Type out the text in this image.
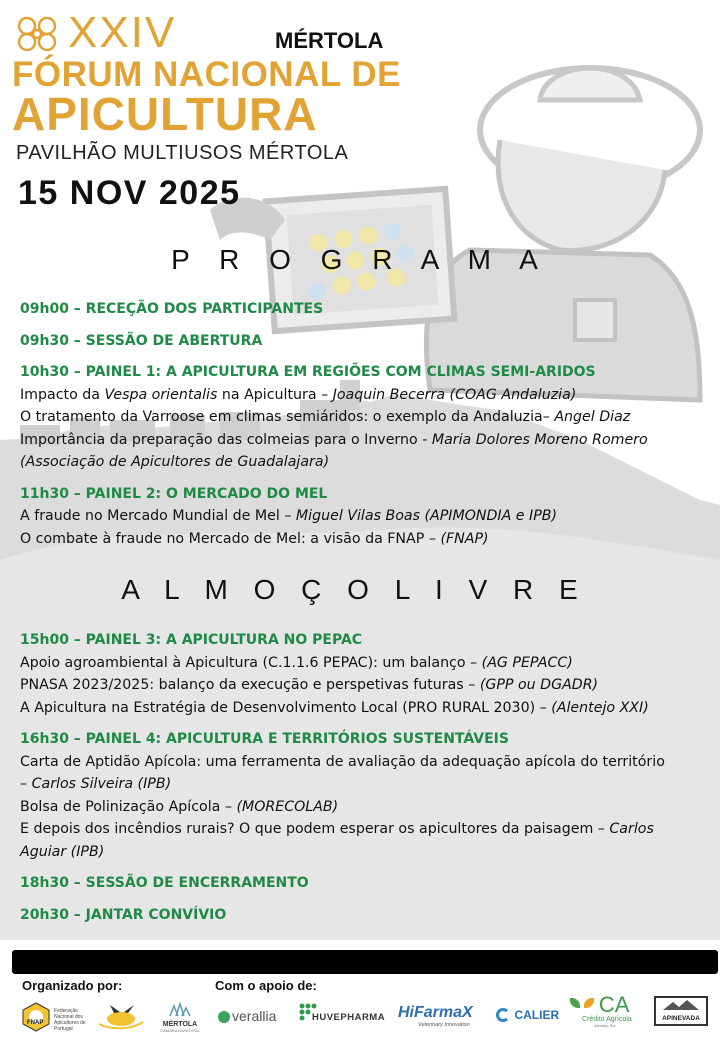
XXIV	MÉRTOLA
FÓRUM NACIONAL DE
APICULTURA
PAVILHÃO MULTIUSOS MÉRTOLA
15 NOV 2025
P R O G R A M A
09h00 – RECEÇÃO DOS PARTICIPANTES
09h30 – SESSÃO DE ABERTURA
10h30 – PAINEL 1: A APICULTURA EM REGIÕES COM CLIMAS SEMI-ARIDOS
Impacto da Vespa orientalis na Apicultura – Joaquin Becerra (COAG Andaluzia)
O tratamento da Varroose em climas semiáridos: o exemplo da Andaluzia– Angel Diaz
Importância da preparação das colmeias para o Inverno - Maria Dolores Moreno Romero
(Associação de Apicultores de Guadalajara)
11h30 – PAINEL 2: O MERCADO DO MEL
A fraude no Mercado Mundial de Mel – Miguel Vilas Boas (APIMONDIA e IPB)
O combate à fraude no Mercado de Mel: a visão da FNAP – (FNAP)
A L M O Ç O L I V R E
15h00 – PAINEL 3: A APICULTURA NO PEPAC
Apoio agroambiental à Apicultura (C.1.1.6 PEPAC): um balanço – (AG PEPACC)
PNASA 2023/2025: balanço da execução e perspetivas futuras – (GPP ou DGADR)
A Apicultura na Estratégia de Desenvolvimento Local (PRO RURAL 2030) – (Alentejo XXI)
16h30 – PAINEL 4: APICULTURA E TERRITÓRIOS SUSTENTÁVEIS
Carta de Aptidão Apícola: uma ferramenta de avaliação da adequação apícola do território
– Carlos Silveira (IPB)
Bolsa de Polinização Apícola – (MORECOLAB)
E depois dos incêndios rurais? O que podem esperar os apicultores da paisagem – Carlos
Aguiar (IPB)
18h30 – SESSÃO DE ENCERRAMENTO
20h30 – JANTAR CONVÍVIO
Organizado por:	Com o apoio de:
FNAP
Federação Nacional dos Apicultores de Portugal
MÉRTOLA
CÂMARA MUNICIPAL
verallia	HUVEPHARMA HiFarmaX
Veterinary Innovation
CALIER	CA
Crédito Agrícola
Alentejo Sul
APINEVADA
